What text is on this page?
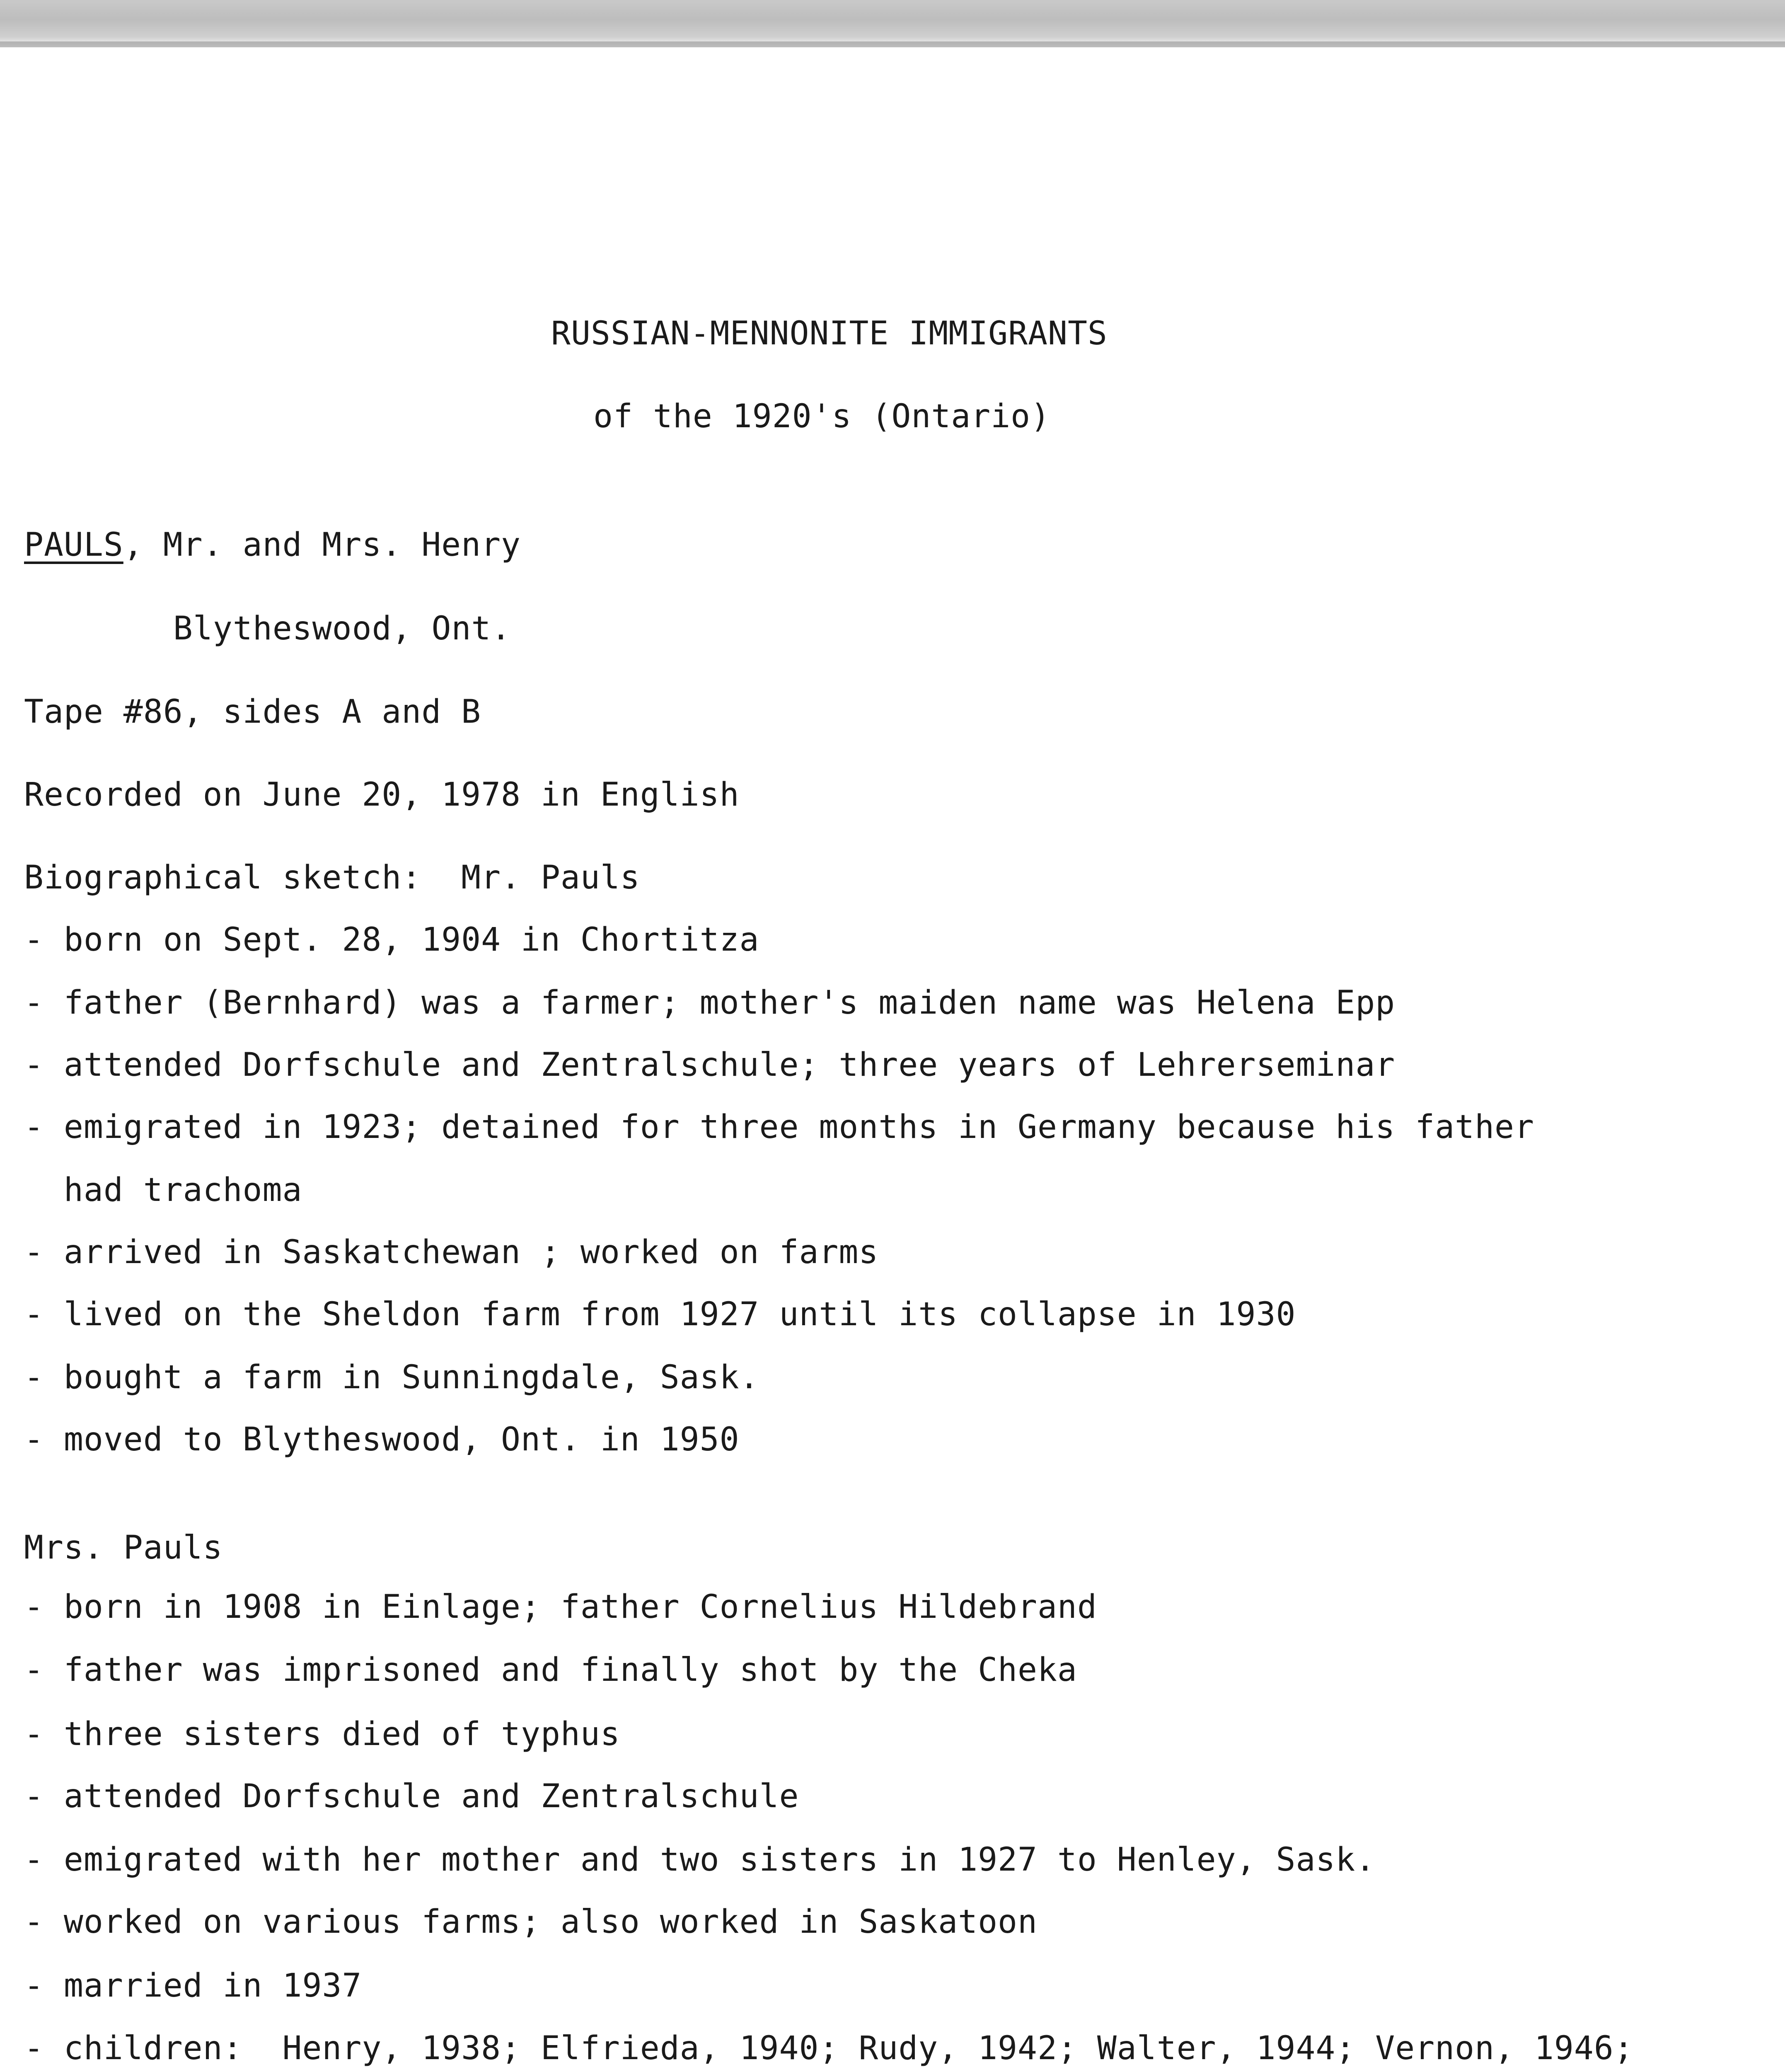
RUSSIAN-MENNONITE IMMIGRANTS
of the 1920's (Ontario)
PAULS, Mr. and Mrs. Henry
Blytheswood, Ont.
Tape #86, sides A and B
Recorded on June 20, 1978 in English
Biographical sketch:  Mr. Pauls
- born on Sept. 28, 1904 in Chortitza
- father (Bernhard) was a farmer; mother's maiden name was Helena Epp
- attended Dorfschule and Zentralschule; three years of Lehrerseminar
- emigrated in 1923; detained for three months in Germany because his father
had trachoma
- arrived in Saskatchewan ; worked on farms
- lived on the Sheldon farm from 1927 until its collapse in 1930
- bought a farm in Sunningdale, Sask.
- moved to Blytheswood, Ont. in 1950
Mrs. Pauls
- born in 1908 in Einlage; father Cornelius Hildebrand
- father was imprisoned and finally shot by the Cheka
- three sisters died of typhus
- attended Dorfschule and Zentralschule
- emigrated with her mother and two sisters in 1927 to Henley, Sask.
- worked on various farms; also worked in Saskatoon
- married in 1937
- children:  Henry, 1938; Elfrieda, 1940; Rudy, 1942; Walter, 1944; Vernon, 1946;
